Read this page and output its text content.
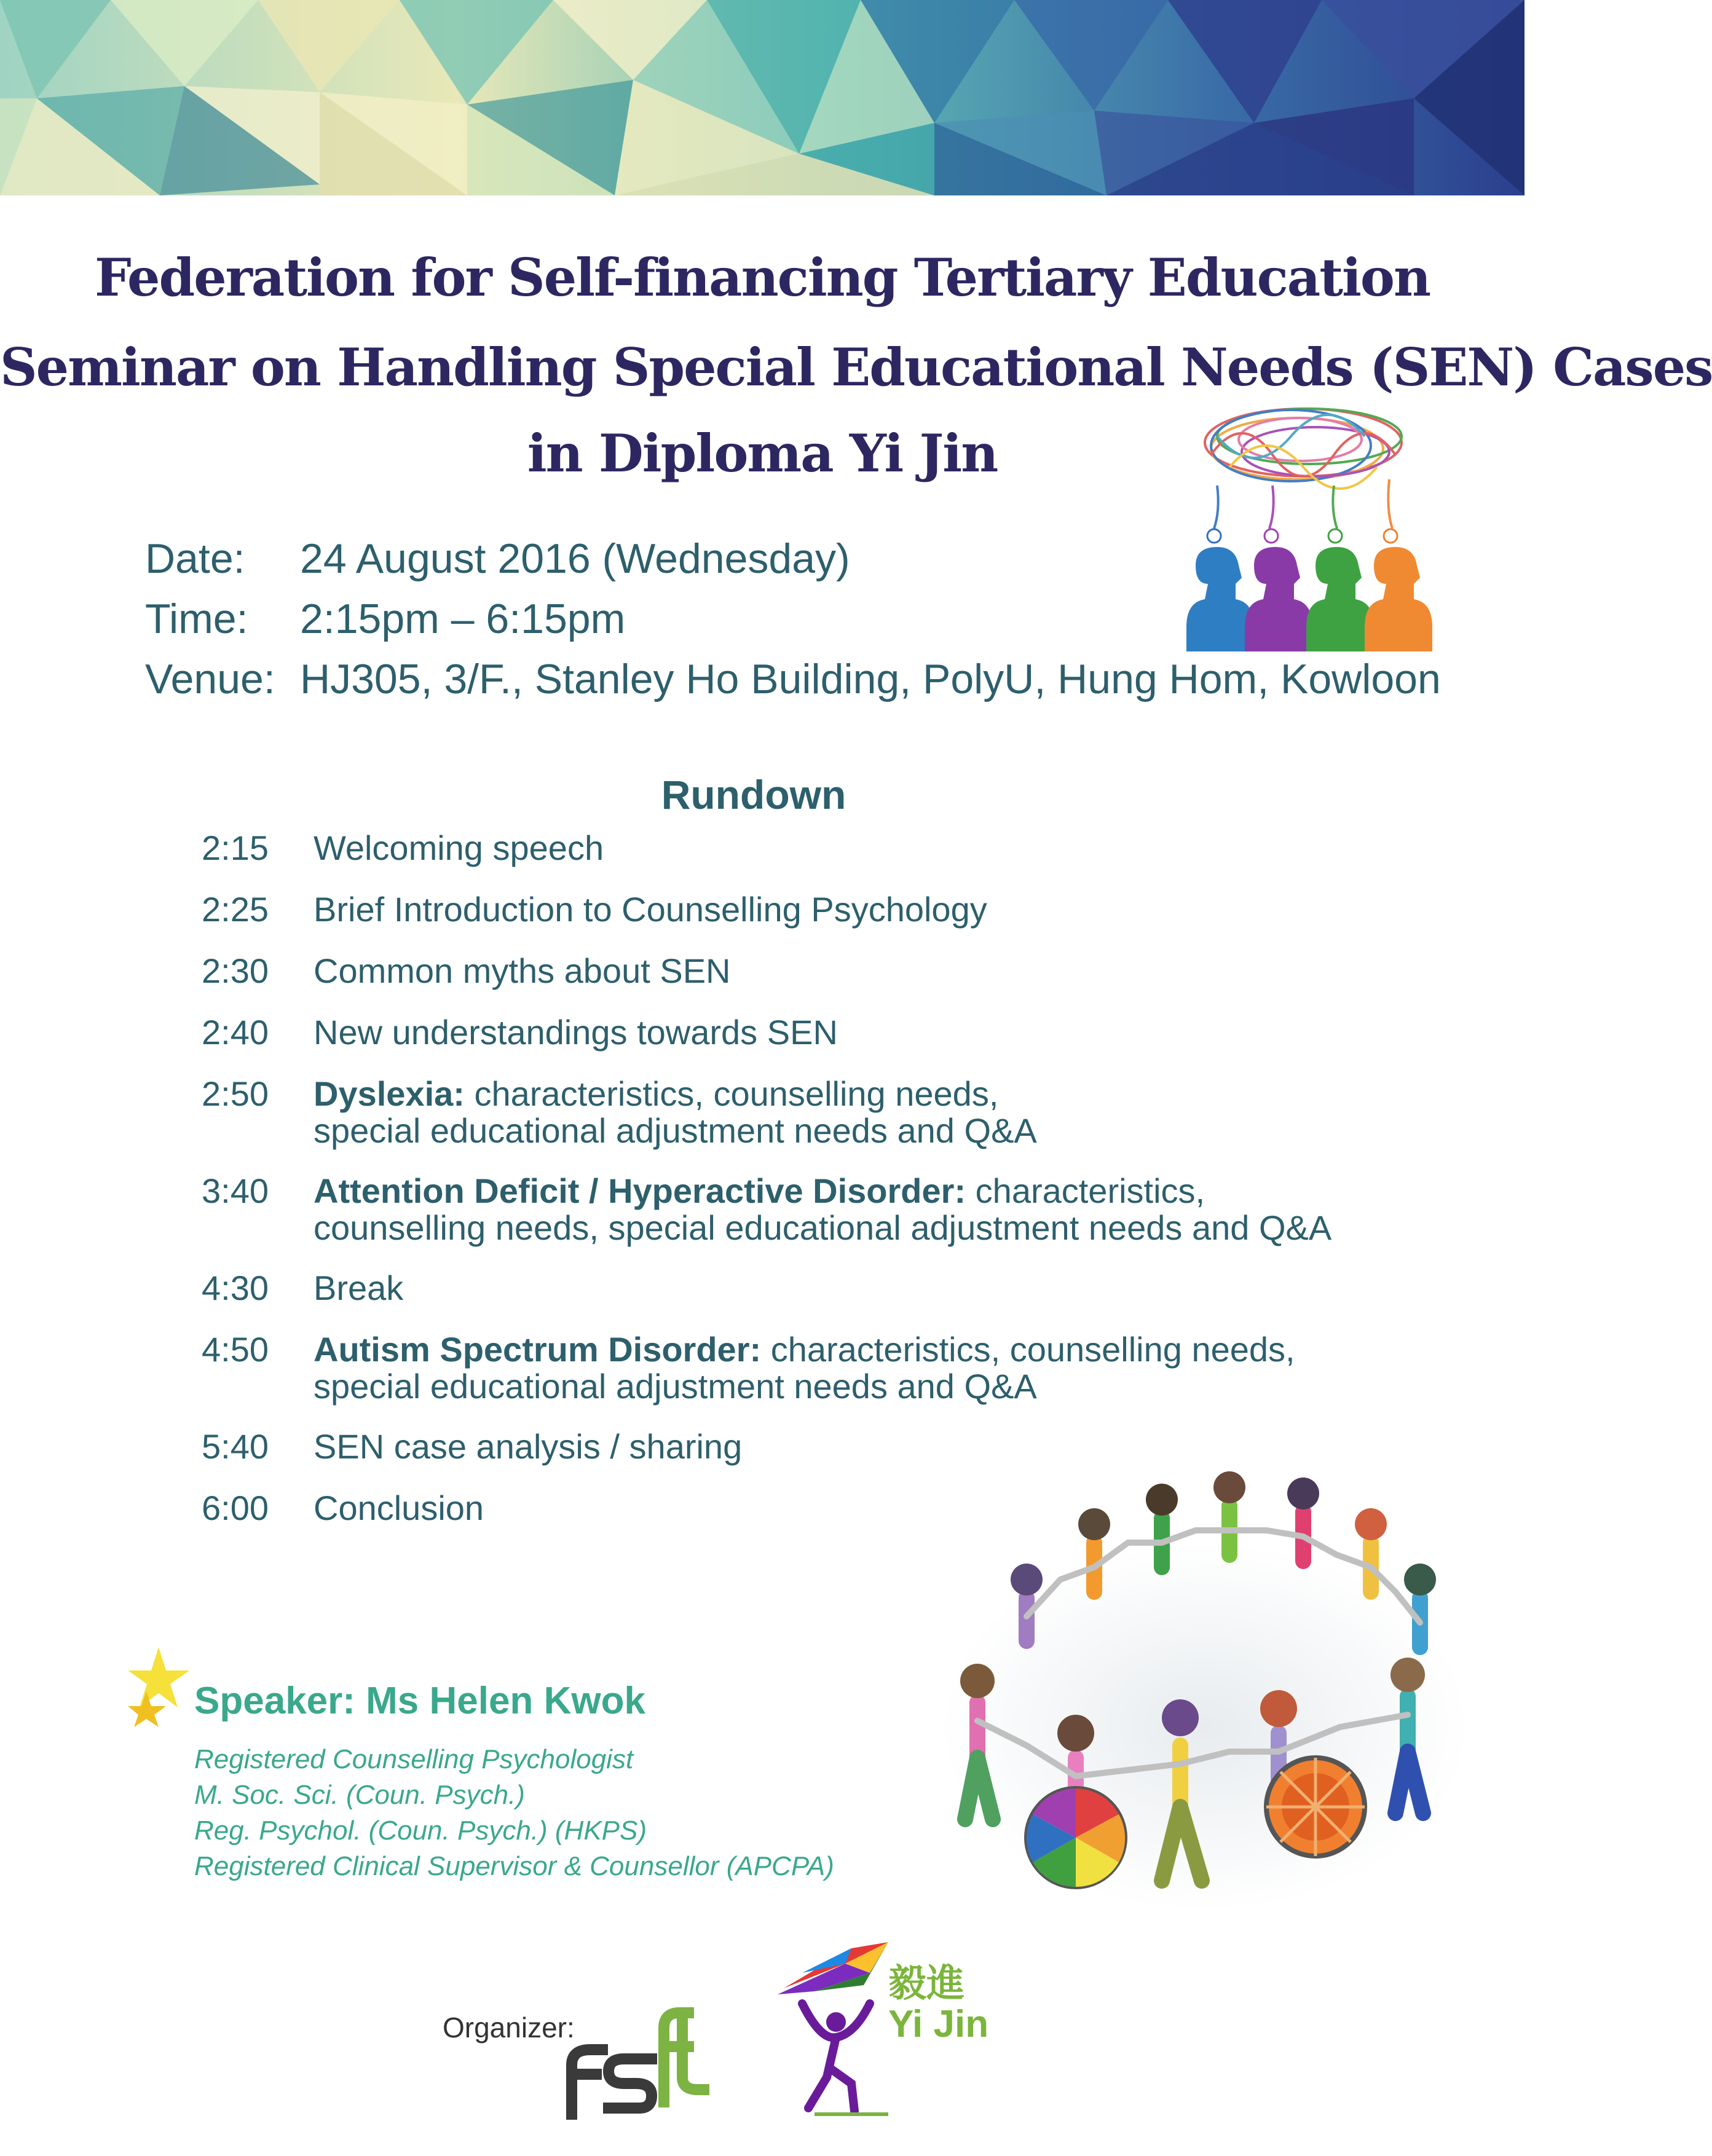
Federation for Self-financing Tertiary Education
Seminar on Handling Special Educational Needs (SEN) Cases
in Diploma Yi Jin
Date: 24 August 2016 (Wednesday)
Time: 2:15pm – 6:15pm
Venue: HJ305, 3/F., Stanley Ho Building, PolyU, Hung Hom, Kowloon
Rundown
2:15	Welcoming speech
2:25	Brief Introduction to Counselling Psychology
2:30	Common myths about SEN
2:40	New understandings towards SEN
2:50	Dyslexia: characteristics, counselling needs,
special educational adjustment needs and Q&A
3:40	Attention Deficit / Hyperactive Disorder: characteristics,
counselling needs, special educational adjustment needs and Q&A
4:30	Break
4:50	Autism Spectrum Disorder: characteristics, counselling needs,
special educational adjustment needs and Q&A
5:40	SEN case analysis / sharing
6:00	Conclusion
Speaker: Ms Helen Kwok
Registered Counselling Psychologist
M. Soc. Sci. (Coun. Psych.)
Reg. Psychol. (Coun. Psych.) (HKPS)
Registered Clinical Supervisor & Counsellor (APCPA)
Organizer:
毅進
Yi Jin
